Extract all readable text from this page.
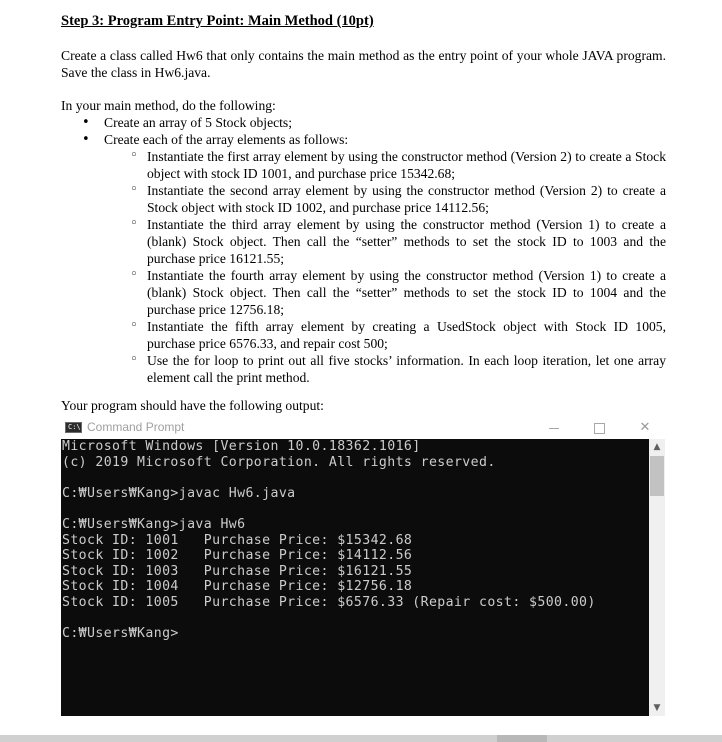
Step 3: Program Entry Point: Main Method (10pt)
Create a class called Hw6 that only contains the main method as the entry point of your whole JAVA program. Save the class in Hw6.java.
In your main method, do the following:
• Create an array of 5 Stock objects;
• Create each of the array elements as follows:
◦ Instantiate the first array element by using the constructor method (Version 2) to create a Stock object with stock ID 1001, and purchase price 15342.68;
◦ Instantiate the second array element by using the constructor method (Version 2) to create a Stock object with stock ID 1002, and purchase price 14112.56;
◦ Instantiate the third array element by using the constructor method (Version 1) to create a (blank) Stock object. Then call the “setter” methods to set the stock ID to 1003 and the purchase price 16121.55;
◦ Instantiate the fourth array element by using the constructor method (Version 1) to create a (blank) Stock object. Then call the “setter” methods to set the stock ID to 1004 and the purchase price 12756.18;
◦ Instantiate the fifth array element by creating a UsedStock object with Stock ID 1005, purchase price 6576.33, and repair cost 500;
◦ Use the for loop to print out all five stocks’ information. In each loop iteration, let one array element call the print method.
Your program should have the following output:
C:\ Command Prompt	✕
Microsoft Windows [Version 10.0.18362.1016]
(c) 2019 Microsoft Corporation. All rights reserved.
C:₩Users₩Kang>javac Hw6.java
C:₩Users₩Kang>java Hw6
Stock ID: 1001   Purchase Price: $15342.68
Stock ID: 1002   Purchase Price: $14112.56
Stock ID: 1003   Purchase Price: $16121.55
Stock ID: 1004   Purchase Price: $12756.18
Stock ID: 1005   Purchase Price: $6576.33 (Repair cost: $500.00)
C:₩Users₩Kang>
▲
▼
